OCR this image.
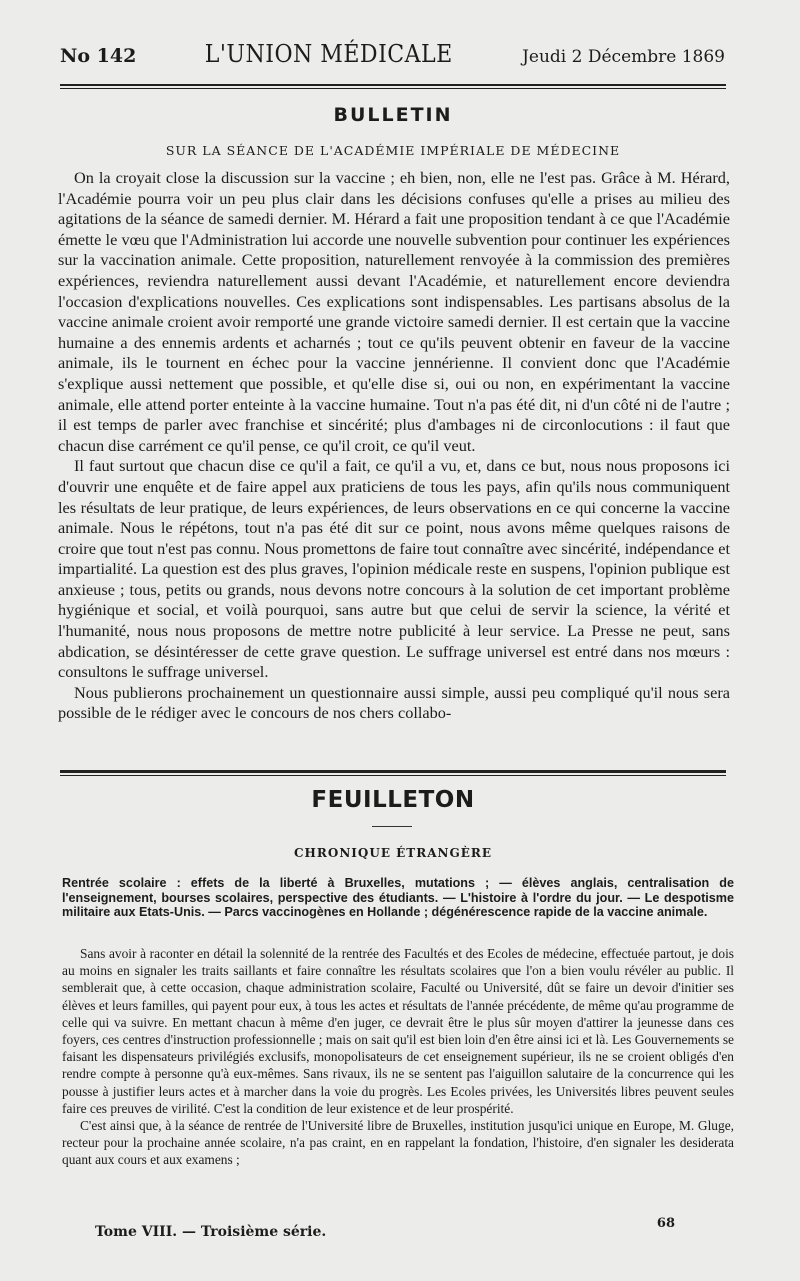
No 142	L'UNION MÉDICALE	Jeudi 2 Décembre 1869
BULLETIN
SUR LA SÉANCE DE L'ACADÉMIE IMPÉRIALE DE MÉDECINE

On la croyait close la discussion sur la vaccine ; eh bien, non, elle ne l'est pas. Grâce à M. Hérard, l'Académie pourra voir un peu plus clair dans les décisions confuses qu'elle a prises au milieu des agitations de la séance de samedi dernier. M. Hérard a fait une proposition tendant à ce que l'Académie émette le vœu que l'Administration lui accorde une nouvelle subvention pour continuer les expériences sur la vaccination animale. Cette proposition, naturellement renvoyée à la commission des premières expériences, reviendra naturellement aussi devant l'Académie, et naturellement encore deviendra l'occasion d'explications nouvelles. Ces explications sont indispensables. Les partisans absolus de la vaccine animale croient avoir remporté une grande victoire samedi dernier. Il est certain que la vaccine humaine a des ennemis ardents et acharnés ; tout ce qu'ils peuvent obtenir en faveur de la vaccine animale, ils le tournent en échec pour la vaccine jennérienne. Il convient donc que l'Académie s'explique aussi nettement que possible, et qu'elle dise si, oui ou non, en expérimentant la vaccine animale, elle attend porter enteinte à la vaccine humaine. Tout n'a pas été dit, ni d'un côté ni de l'autre ; il est temps de parler avec franchise et sincérité; plus d'ambages ni de circonlocutions : il faut que chacun dise carrément ce qu'il pense, ce qu'il croit, ce qu'il veut.

Il faut surtout que chacun dise ce qu'il a fait, ce qu'il a vu, et, dans ce but, nous nous proposons ici d'ouvrir une enquête et de faire appel aux praticiens de tous les pays, afin qu'ils nous communiquent les résultats de leur pratique, de leurs expériences, de leurs observations en ce qui concerne la vaccine animale. Nous le répétons, tout n'a pas été dit sur ce point, nous avons même quelques raisons de croire que tout n'est pas connu. Nous promettons de faire tout connaître avec sincérité, indépendance et impartialité. La question est des plus graves, l'opinion médicale reste en suspens, l'opinion publique est anxieuse ; tous, petits ou grands, nous devons notre concours à la solution de cet important problème hygiénique et social, et voilà pourquoi, sans autre but que celui de servir la science, la vérité et l'humanité, nous nous proposons de mettre notre publicité à leur service. La Presse ne peut, sans abdication, se désintéresser de cette grave question. Le suffrage universel est entré dans nos mœurs : consultons le suffrage universel.

Nous publierons prochainement un questionnaire aussi simple, aussi peu compliqué qu'il nous sera possible de le rédiger avec le concours de nos chers collabo-

FEUILLETON
CHRONIQUE ÉTRANGÈRE

Rentrée scolaire : effets de la liberté à Bruxelles, mutations ; — élèves anglais, centralisation de l'enseignement, bourses scolaires, perspective des étudiants. — L'histoire à l'ordre du jour. — Le despotisme militaire aux Etats-Unis. — Parcs vaccinogènes en Hollande ; dégénérescence rapide de la vaccine animale.

Sans avoir à raconter en détail la solennité de la rentrée des Facultés et des Ecoles de médecine, effectuée partout, je dois au moins en signaler les traits saillants et faire connaître les résultats scolaires que l'on a bien voulu révéler au public. Il semblerait que, à cette occasion, chaque administration scolaire, Faculté ou Université, dût se faire un devoir d'initier ses élèves et leurs familles, qui payent pour eux, à tous les actes et résultats de l'année précédente, de même qu'au programme de celle qui va suivre. En mettant chacun à même d'en juger, ce devrait être le plus sûr moyen d'attirer la jeunesse dans ces foyers, ces centres d'instruction professionnelle ; mais on sait qu'il est bien loin d'en être ainsi ici et là. Les Gouvernements se faisant les dispensateurs privilégiés exclusifs, monopolisateurs de cet enseignement supérieur, ils ne se croient obligés d'en rendre compte à personne qu'à eux-mêmes. Sans rivaux, ils ne se sentent pas l'aiguillon salutaire de la concurrence qui les pousse à justifier leurs actes et à marcher dans la voie du progrès. Les Ecoles privées, les Universités libres peuvent seules faire ces preuves de virilité. C'est la condition de leur existence et de leur prospérité.

C'est ainsi que, à la séance de rentrée de l'Université libre de Bruxelles, institution jusqu'ici unique en Europe, M. Gluge, recteur pour la prochaine année scolaire, n'a pas craint, en en rappelant la fondation, l'histoire, d'en signaler les desiderata quant aux cours et aux examens ;

Tome VIII. — Troisième série.
68
